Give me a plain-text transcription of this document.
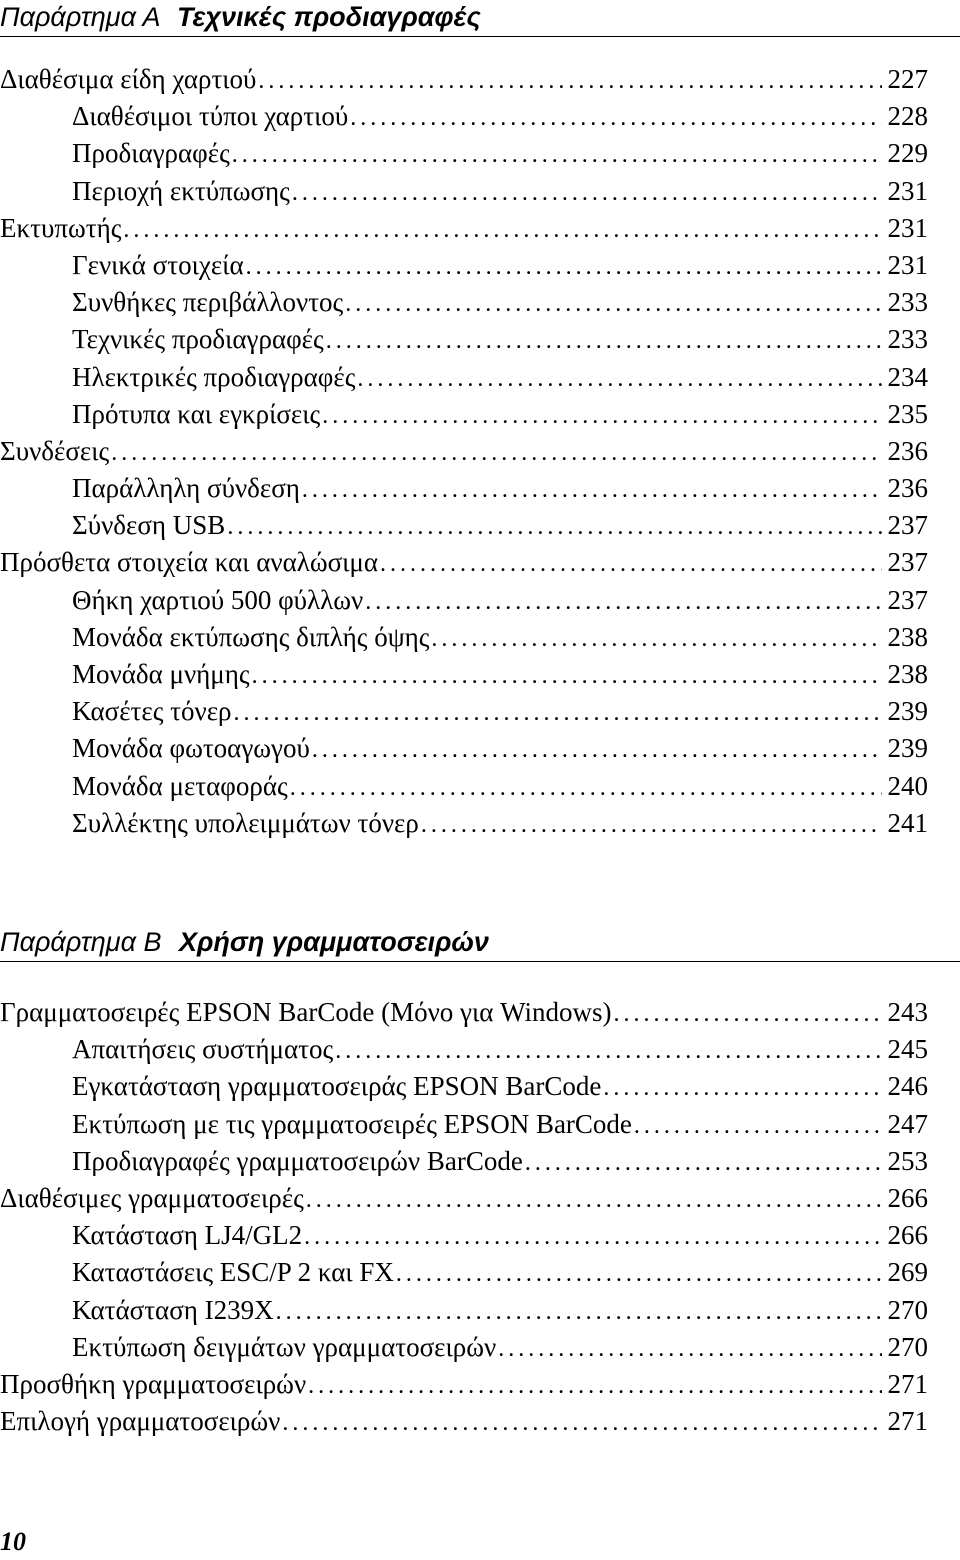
Παράρτημα Α Τεχνικές προδιαγραφές
Διαθέσιμα είδη χαρτιού . . .	227
Διαθέσιμοι τύποι χαρτιού . . .	228
Προδιαγραφές . . .	229
Περιοχή εκτύπωσης . . .	231
Εκτυπωτής . . .	231
Γενικά στοιχεία . . .	231
Συνθήκες περιβάλλοντος . . .	233
Τεχνικές προδιαγραφές . . .	233
Ηλεκτρικές προδιαγραφές . . .	234
Πρότυπα και εγκρίσεις . . .	235
Συνδέσεις . . .	236
Παράλληλη σύνδεση . . .	236
Σύνδεση USB . . .	237
Πρόσθετα στοιχεία και αναλώσιμα . . .	237
Θήκη χαρτιού 500 φύλλων . . .	237
Μονάδα εκτύπωσης διπλής όψης . . .	238
Μονάδα μνήμης . . .	238
Κασέτες τόνερ . . .	239
Μονάδα φωτοαγωγού . . .	239
Μονάδα μεταφοράς . . .	240
Συλλέκτης υπολειμμάτων τόνερ . . .	241
Παράρτημα Β Χρήση γραμματοσειρών
Γραμματοσειρές EPSON BarCode (Μόνο για Windows) . . .	243
Απαιτήσεις συστήματος . . .	245
Εγκατάσταση γραμματοσειράς EPSON BarCode . . .	246
Εκτύπωση με τις γραμματοσειρές EPSON BarCode . . .	247
Προδιαγραφές γραμματοσειρών BarCode . . .	253
Διαθέσιμες γραμματοσειρές . . .	266
Κατάσταση LJ4/GL2 . . .	266
Καταστάσεις ESC/P 2 και FX . . .	269
Κατάσταση I239X . . .	270
Εκτύπωση δειγμάτων γραμματοσειρών . . .	270
Προσθήκη γραμματοσειρών . . .	271
Επιλογή γραμματοσειρών . . .	271
10
